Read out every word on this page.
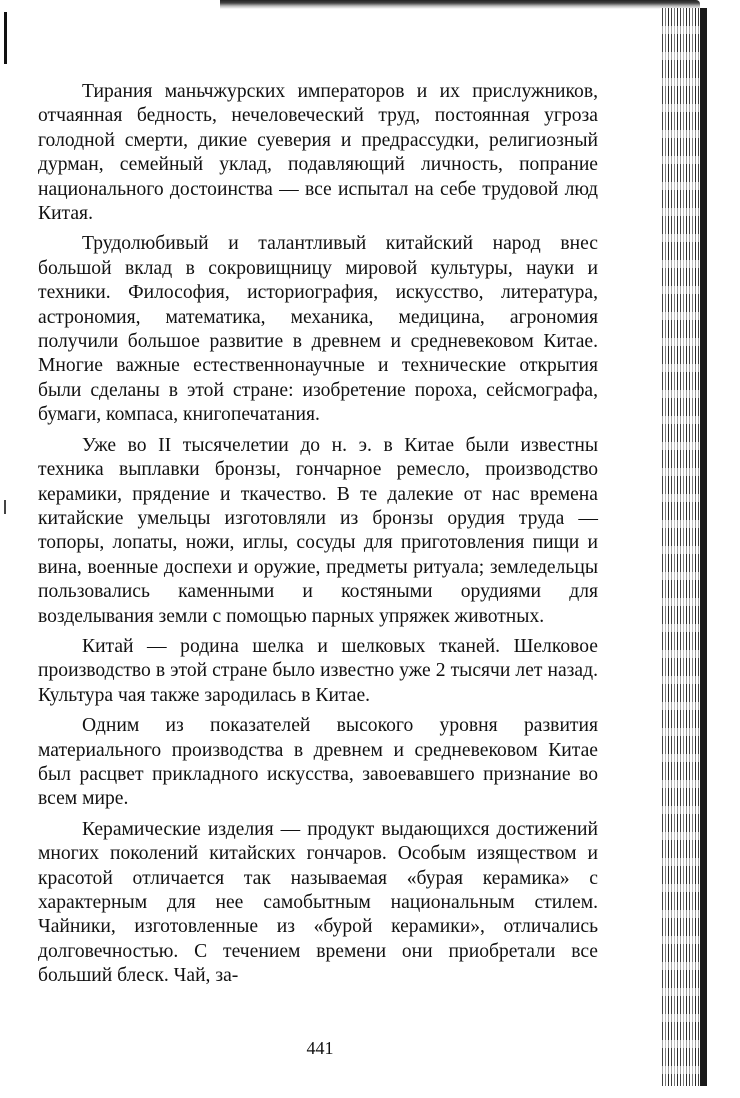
Тирания маньчжурских императоров и их прислужников, отчаянная бедность, нечеловеческий труд, постоянная угроза голодной смерти, дикие суеверия и предрассудки, религиозный дурман, семейный уклад, подавляющий личность, попрание национального достоинства — все испытал на себе трудовой люд Китая.

Трудолюбивый и талантливый китайский народ внес большой вклад в сокровищницу мировой культуры, науки и техники. Философия, историография, искусство, литература, астрономия, математика, механика, медицина, агрономия получили большое развитие в древнем и средневековом Китае. Многие важные естественнонаучные и технические открытия были сделаны в этой стране: изобретение пороха, сейсмографа, бумаги, компаса, книгопечатания.

Уже во II тысячелетии до н. э. в Китае были известны техника выплавки бронзы, гончарное ремесло, производство керамики, прядение и ткачество. В те далекие от нас времена китайские умельцы изготовляли из бронзы орудия труда — топоры, лопаты, ножи, иглы, сосуды для приготовления пищи и вина, военные доспехи и оружие, предметы ритуала; земледельцы пользовались каменными и костяными орудиями для возделывания земли с помощью парных упряжек животных.

Китай — родина шелка и шелковых тканей. Шелковое производство в этой стране было известно уже 2 тысячи лет назад. Культура чая также зародилась в Китае.

Одним из показателей высокого уровня развития материального производства в древнем и средневековом Китае был расцвет прикладного искусства, завоевавшего признание во всем мире.

Керамические изделия — продукт выдающихся достижений многих поколений китайских гончаров. Особым изяществом и красотой отличается так называемая «бурая керамика» с характерным для нее самобытным национальным стилем. Чайники, изготовленные из «бурой керамики», отличались долговечностью. С течением времени они приобретали все больший блеск. Чай, за-

441
